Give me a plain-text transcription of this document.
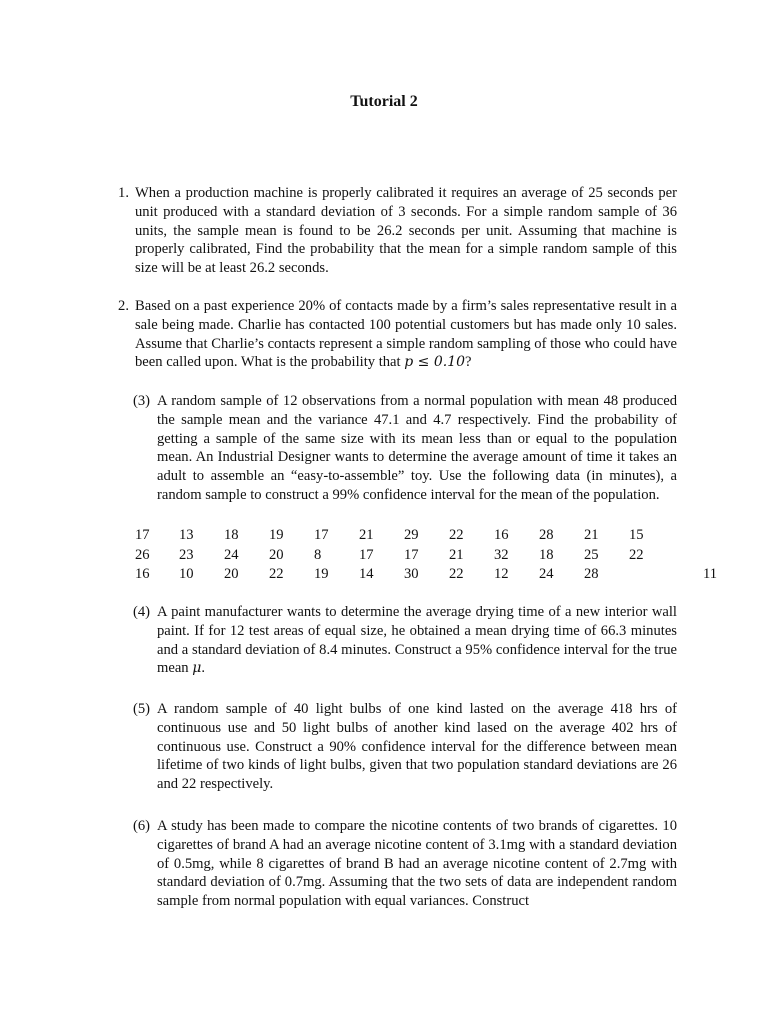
Tutorial 2
1. When a production machine is properly calibrated it requires an average of 25 seconds per unit produced with a standard deviation of 3 seconds. For a simple random sample of 36 units, the sample mean is found to be 26.2 seconds per unit. Assuming that machine is properly calibrated, Find the probability that the mean for a simple random sample of this size will be at least 26.2 seconds.
2. Based on a past experience 20% of contacts made by a firm’s sales representative result in a sale being made. Charlie has contacted 100 potential customers but has made only 10 sales. Assume that Charlie’s contacts represent a simple random sampling of those who could have been called upon. What is the probability that p ≤ 0.10?
(3) A random sample of 12 observations from a normal population with mean 48 produced the sample mean and the variance 47.1 and 4.7 respectively. Find the probability of getting a sample of the same size with its mean less than or equal to the population mean. An Industrial Designer wants to determine the average amount of time it takes an adult to assemble an “easy-to-assemble” toy. Use the following data (in minutes), a random sample to construct a 99% confidence interval for the mean of the population.
17	13	18	19	17	21	29	22	16	28	21	15	
26	23	24	20	8	17	17	21	32	18	25	22	
16	10	20	22	19	14	30	22	12	24	28		11
(4) A paint manufacturer wants to determine the average drying time of a new interior wall paint. If for 12 test areas of equal size, he obtained a mean drying time of 66.3 minutes and a standard deviation of 8.4 minutes. Construct a 95% confidence interval for the true mean μ.
(5) A random sample of 40 light bulbs of one kind lasted on the average 418 hrs of continuous use and 50 light bulbs of another kind lased on the average 402 hrs of continuous use. Construct a 90% confidence interval for the difference between mean lifetime of two kinds of light bulbs, given that two population standard deviations are 26 and 22 respectively.
(6) A study has been made to compare the nicotine contents of two brands of cigarettes. 10 cigarettes of brand A had an average nicotine content of 3.1mg with a standard deviation of 0.5mg, while 8 cigarettes of brand B had an average nicotine content of 2.7mg with standard deviation of 0.7mg. Assuming that the two sets of data are independent random sample from normal population with equal variances. Construct
